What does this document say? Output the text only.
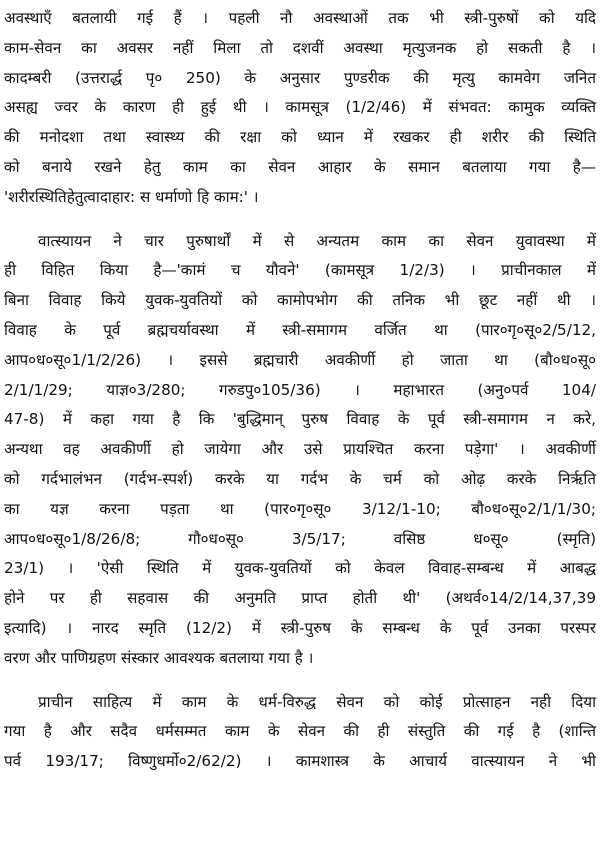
अवस्थाएँ बतलायी गई हैं । पहली नौ अवस्थाओं तक भी स्त्री-पुरुषों को यदि
काम-सेवन का अवसर नहीं मिला तो दशवीं अवस्था मृत्युजनक हो सकती है ।
कादम्बरी (उत्तरार्द्ध पृ० 250) के अनुसार पुण्डरीक की मृत्यु कामवेग जनित
असह्य ज्वर के कारण ही हुई थी । कामसूत्र (1/2/46) में संभवत: कामुक व्यक्ति
की मनोदशा तथा स्वास्थ्य की रक्षा को ध्यान में रखकर ही शरीर की स्थिति
को बनाये रखने हेतु काम का सेवन आहार के समान बतलाया गया है—
'शरीरस्थितिहेतुत्वादाहार: स धर्माणो हि काम:' ।
वात्स्यायन ने चार पुरुषार्थों में से अन्यतम काम का सेवन युवावस्था में
ही विहित किया है—'कामं च यौवने' (कामसूत्र 1/2/3) । प्राचीनकाल में
बिना विवाह किये युवक-युवतियों को कामोपभोग की तनिक भी छूट नहीं थी ।
विवाह के पूर्व ब्रह्मचर्यावस्था में स्त्री-समागम वर्जित था (पार०गृ०सू०2/5/12,
आप०ध०सू०1/1/2/26) । इससे ब्रह्मचारी अवकीर्णी हो जाता था (बौ०ध०सू०
2/1/1/29; याज्ञ०3/280; गरुडपु०105/36) । महाभारत (अनु०पर्व 104/
47-8) में कहा गया है कि 'बुद्धिमान् पुरुष विवाह के पूर्व स्त्री-समागम न करे,
अन्यथा वह अवकीर्णी हो जायेगा और उसे प्रायश्चित करना पड़ेगा' । अवकीर्णी
को गर्दभालंभन (गर्दभ-स्पर्श) करके या गर्दभ के चर्म को ओढ़ करके निर्ऋति
का यज्ञ करना पड़ता था (पार०गृ०सू० 3/12/1-10; बौ०ध०सू०2/1/1/30;
आप०ध०सू०1/8/26/8; गौ०ध०सू० 3/5/17; वसिष्ठ ध०सू० (स्मृति)
23/1) । 'ऐसी स्थिति में युवक-युवतियों को केवल विवाह-सम्बन्ध में आबद्ध
होने पर ही सहवास की अनुमति प्राप्त होती थी' (अथर्व०14/2/14,37,39
इत्यादि) । नारद स्मृति (12/2) में स्त्री-पुरुष के सम्बन्ध के पूर्व उनका परस्पर
वरण और पाणिग्रहण संस्कार आवश्यक बतलाया गया है ।
प्राचीन साहित्य में काम के धर्म-विरुद्ध सेवन को कोई प्रोत्साहन नही दिया
गया है और सदैव धर्मसम्मत काम के सेवन की ही संस्तुति की गई है (शान्ति
पर्व 193/17; विष्णुधर्मो०2/62/2) । कामशास्त्र के आचार्य वात्स्यायन ने भी
